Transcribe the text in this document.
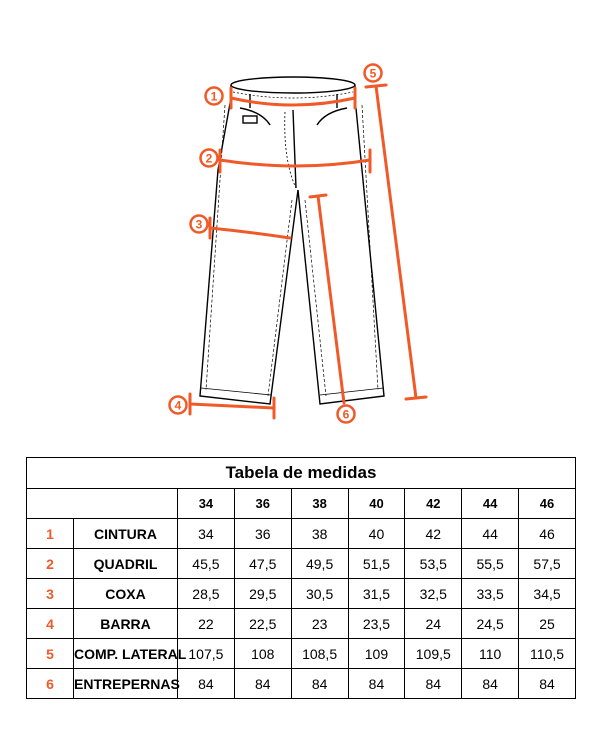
1
2
3
4
5
6
Tabela de medidas								
		34	36	38	40	42	44	46
1	CINTURA	34	36	38	40	42	44	46
2	QUADRIL	45,5	47,5	49,5	51,5	53,5	55,5	57,5
3	COXA	28,5	29,5	30,5	31,5	32,5	33,5	34,5
4	BARRA	22	22,5	23	23,5	24	24,5	25
5	COMP. LATERAL	107,5	108	108,5	109	109,5	110	110,5
6	ENTREPERNAS	84	84	84	84	84	84	84
